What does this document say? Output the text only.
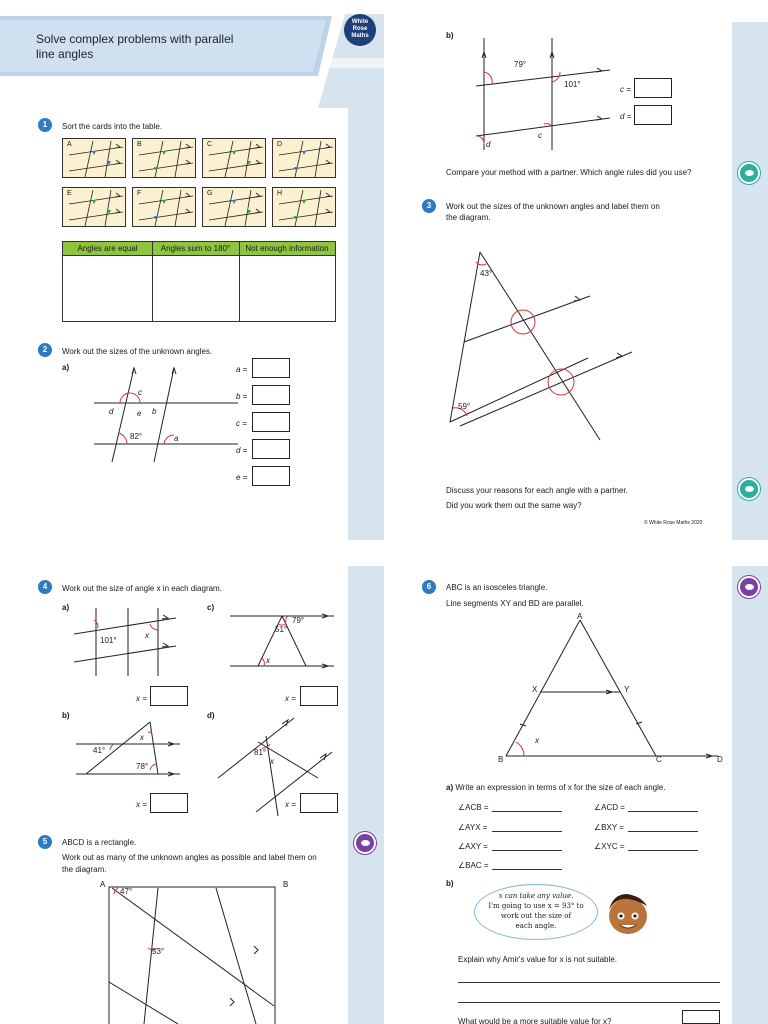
Solve complex problems with parallel
line angles
White
Rose
Maths
1	Sort the cards into the table.
A	B	C	D
E	F	G	H
Angles are equal	Angles sum to 180°	Not enough information
2	Work out the sizes of the unknown angles.
a)
c
d	e b
82°	a
a =
b =
c =
d =
e =
b)
79°
101°
c
d
c =
d =
Compare your method with a partner. Which angle rules did you use?
3	Work out the sizes of the unknown angles and label them on
the diagram.
43°
59°
Discuss your reasons for each angle with a partner.
Did you work them out the same way?
© White Rose Maths 2020
4	Work out the size of angle x in each diagram.
a)
101°
x
x =
c)
79°
51°
x
x =
b)
41°
x
78°
x =
d)
81°
x
x =
5	ABCD is a rectangle.
Work out as many of the unknown angles as possible and label them on
the diagram.
A	B
47°
53°
6	ABC is an isosceles triangle.
Line segments XY and BD are parallel.
A
X	Y
x
B	C	D
a) Write an expression in terms of x for the size of each angle.
∠ACB =	∠ACD =
∠AYX =	∠BXY =
∠AXY =	∠XYC =
∠BAC =
b)
x can take any value.
I'm going to use x = 93° to
work out the size of
each angle.
Explain why Amir's value for x is not suitable.
What would be a more suitable value for x?
